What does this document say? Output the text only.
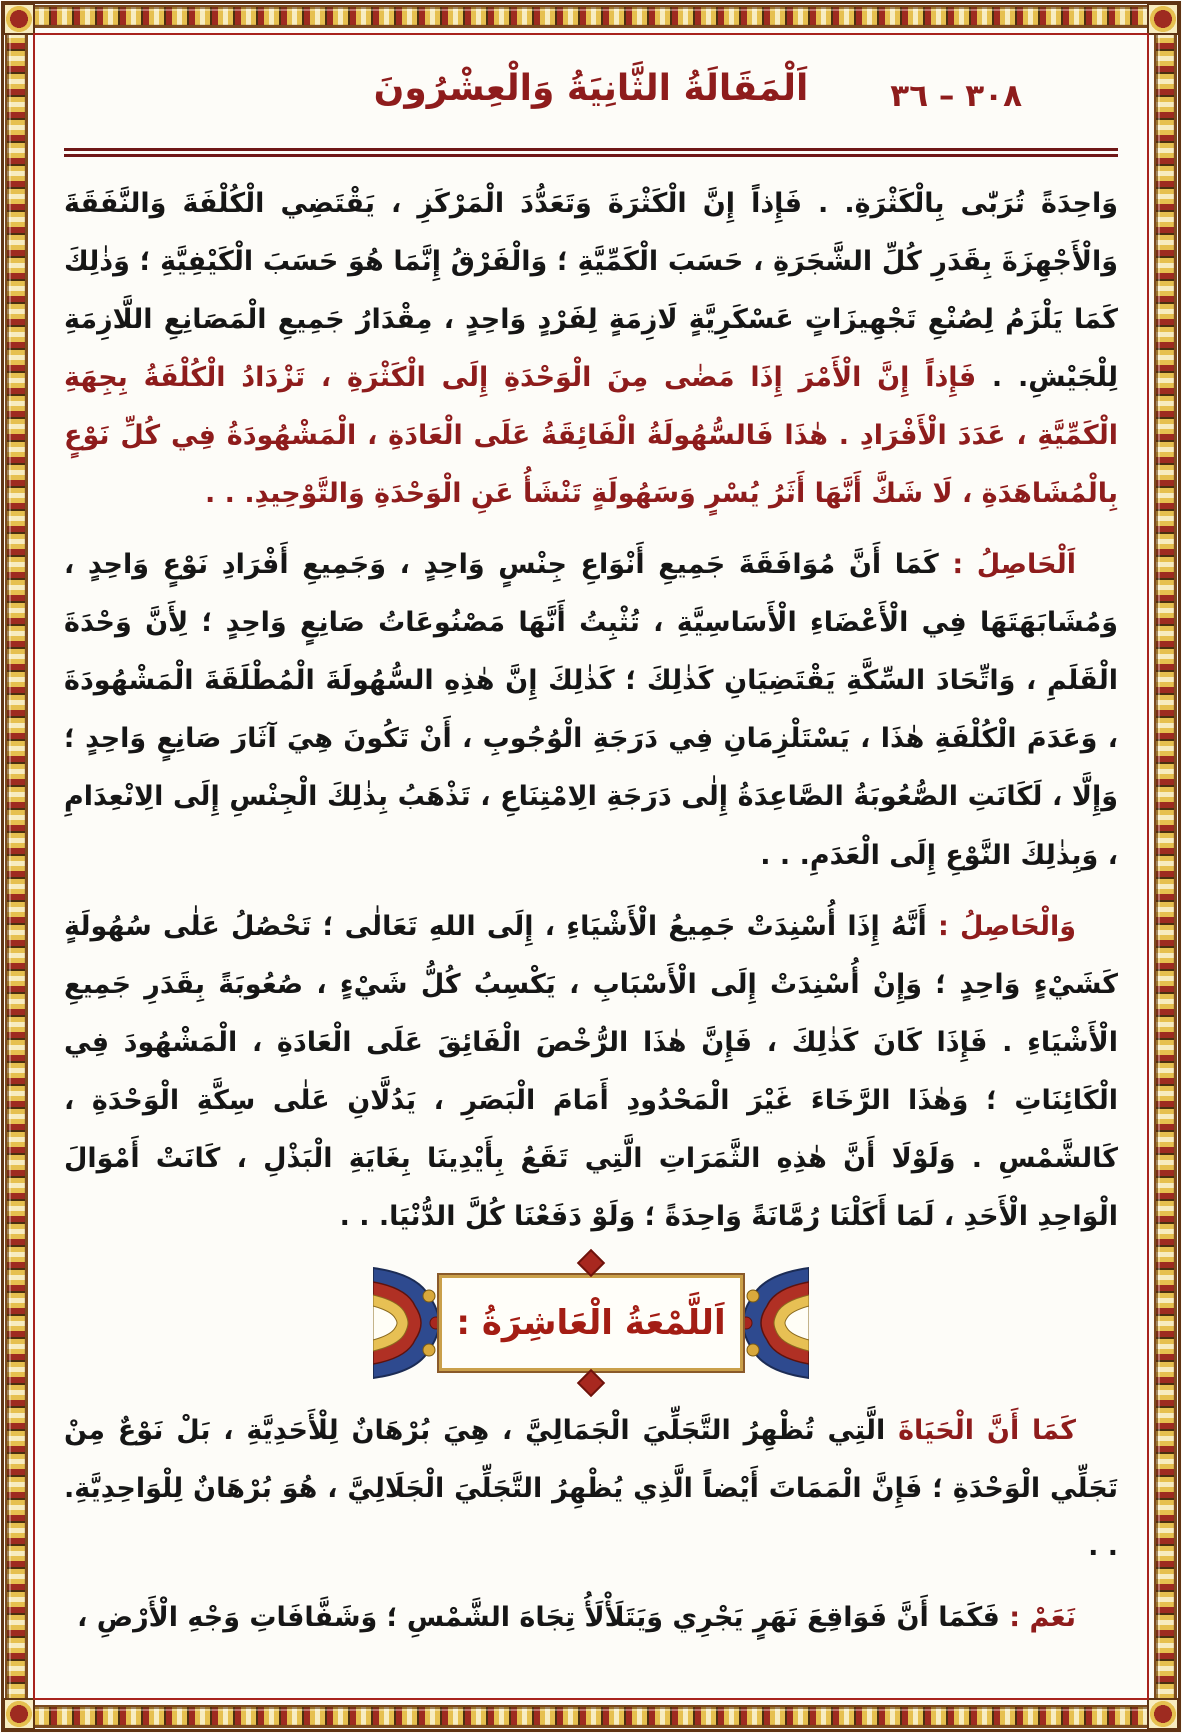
اَلْمَقَالَةُ الثَّانِيَةُ وَالْعِشْرُونَ	٣٠٨ – ٣٦

وَاحِدَةً تُرَبّٰى بِالْكَثْرَةِ. . فَإِذاً إِنَّ الْكَثْرَةَ وَتَعَدُّدَ الْمَرْكَزِ ، يَقْتَضِي الْكُلْفَةَ وَالنَّفَقَةَ وَالْأَجْهِزَةَ بِقَدَرِ كُلِّ الشَّجَرَةِ ، حَسَبَ الْكَمِّيَّةِ ؛ وَالْفَرْقُ إِنَّمَا هُوَ حَسَبَ الْكَيْفِيَّةِ ؛ وَذٰلِكَ كَمَا يَلْزَمُ لِصُنْعِ تَجْهِيزَاتٍ عَسْكَرِيَّةٍ لَازِمَةٍ لِفَرْدٍ وَاحِدٍ ، مِقْدَارُ جَمِيعِ الْمَصَانِعِ اللَّازِمَةِ لِلْجَيْشِ. . فَإِذاً إِنَّ الْأَمْرَ إِذَا مَضٰى مِنَ الْوَحْدَةِ إِلَى الْكَثْرَةِ ، تَزْدَادُ الْكُلْفَةُ بِجِهَةِ الْكَمِّيَّةِ ، عَدَدَ الْأَفْرَادِ . هٰذَا فَالسُّهُولَةُ الْفَائِقَةُ عَلَى الْعَادَةِ ، الْمَشْهُودَةُ فِي كُلِّ نَوْعٍ بِالْمُشَاهَدَةِ ، لَا شَكَّ أَنَّهَا أَثَرُ يُسْرٍ وَسَهُولَةٍ تَنْشَأُ عَنِ الْوَحْدَةِ وَالتَّوْحِيدِ. . .

اَلْحَاصِلُ : كَمَا أَنَّ مُوَافَقَةَ جَمِيعِ أَنْوَاعِ جِنْسٍ وَاحِدٍ ، وَجَمِيعِ أَفْرَادِ نَوْعٍ وَاحِدٍ ، وَمُشَابَهَتَهَا فِي الْأَعْضَاءِ الْأَسَاسِيَّةِ ، تُثْبِتُ أَنَّهَا مَصْنُوعَاتُ صَانِعٍ وَاحِدٍ ؛ لِأَنَّ وَحْدَةَ الْقَلَمِ ، وَاتِّحَادَ السِّكَّةِ يَقْتَضِيَانِ كَذٰلِكَ ؛ كَذٰلِكَ إِنَّ هٰذِهِ السُّهُولَةَ الْمُطْلَقَةَ الْمَشْهُودَةَ ، وَعَدَمَ الْكُلْفَةِ هٰذَا ، يَسْتَلْزِمَانِ فِي دَرَجَةِ الْوُجُوبِ ، أَنْ تَكُونَ هِيَ آثَارَ صَانِعٍ وَاحِدٍ ؛ وَإِلَّا ، لَكَانَتِ الصُّعُوبَةُ الصَّاعِدَةُ إِلٰى دَرَجَةِ الِامْتِنَاعِ ، تَذْهَبُ بِذٰلِكَ الْجِنْسِ إِلَى الِانْعِدَامِ ، وَبِذٰلِكَ النَّوْعِ إِلَى الْعَدَمِ. . .

وَالْحَاصِلُ : أَنَّهُ إِذَا أُسْنِدَتْ جَمِيعُ الْأَشْيَاءِ ، إِلَى اللهِ تَعَالٰى ؛ تَحْصُلُ عَلٰى سُهُولَةٍ كَشَيْءٍ وَاحِدٍ ؛ وَإِنْ أُسْنِدَتْ إِلَى الْأَسْبَابِ ، يَكْسِبُ كُلُّ شَيْءٍ ، صُعُوبَةً بِقَدَرِ جَمِيعِ الْأَشْيَاءِ . فَإِذَا كَانَ كَذٰلِكَ ، فَإِنَّ هٰذَا الرُّخْصَ الْفَائِقَ عَلَى الْعَادَةِ ، الْمَشْهُودَ فِي الْكَائِنَاتِ ؛ وَهٰذَا الرَّخَاءَ غَيْرَ الْمَحْدُودِ أَمَامَ الْبَصَرِ ، يَدُلَّانِ عَلٰى سِكَّةِ الْوَحْدَةِ ، كَالشَّمْسِ . وَلَوْلَا أَنَّ هٰذِهِ الثَّمَرَاتِ الَّتِي تَقَعُ بِأَيْدِينَا بِغَايَةِ الْبَذْلِ ، كَانَتْ أَمْوَالَ الْوَاحِدِ الْأَحَدِ ، لَمَا أَكَلْنَا رُمَّانَةً وَاحِدَةً ؛ وَلَوْ دَفَعْنَا كُلَّ الدُّنْيَا. . .

اَللَّمْعَةُ الْعَاشِرَةُ :

كَمَا أَنَّ الْحَيَاةَ الَّتِي تُظْهِرُ التَّجَلِّيَ الْجَمَالِيَّ ، هِيَ بُرْهَانٌ لِلْأَحَدِيَّةِ ، بَلْ نَوْعٌ مِنْ تَجَلِّي الْوَحْدَةِ ؛ فَإِنَّ الْمَمَاتَ أَيْضاً الَّذِي يُظْهِرُ التَّجَلِّيَ الْجَلَالِيَّ ، هُوَ بُرْهَانٌ لِلْوَاحِدِيَّةِ. . .

نَعَمْ : فَكَمَا أَنَّ فَوَاقِعَ نَهَرٍ يَجْرِي وَيَتَلَأْلَأُ تِجَاهَ الشَّمْسِ ؛ وَشَفَّافَاتِ وَجْهِ الْأَرْضِ ،
